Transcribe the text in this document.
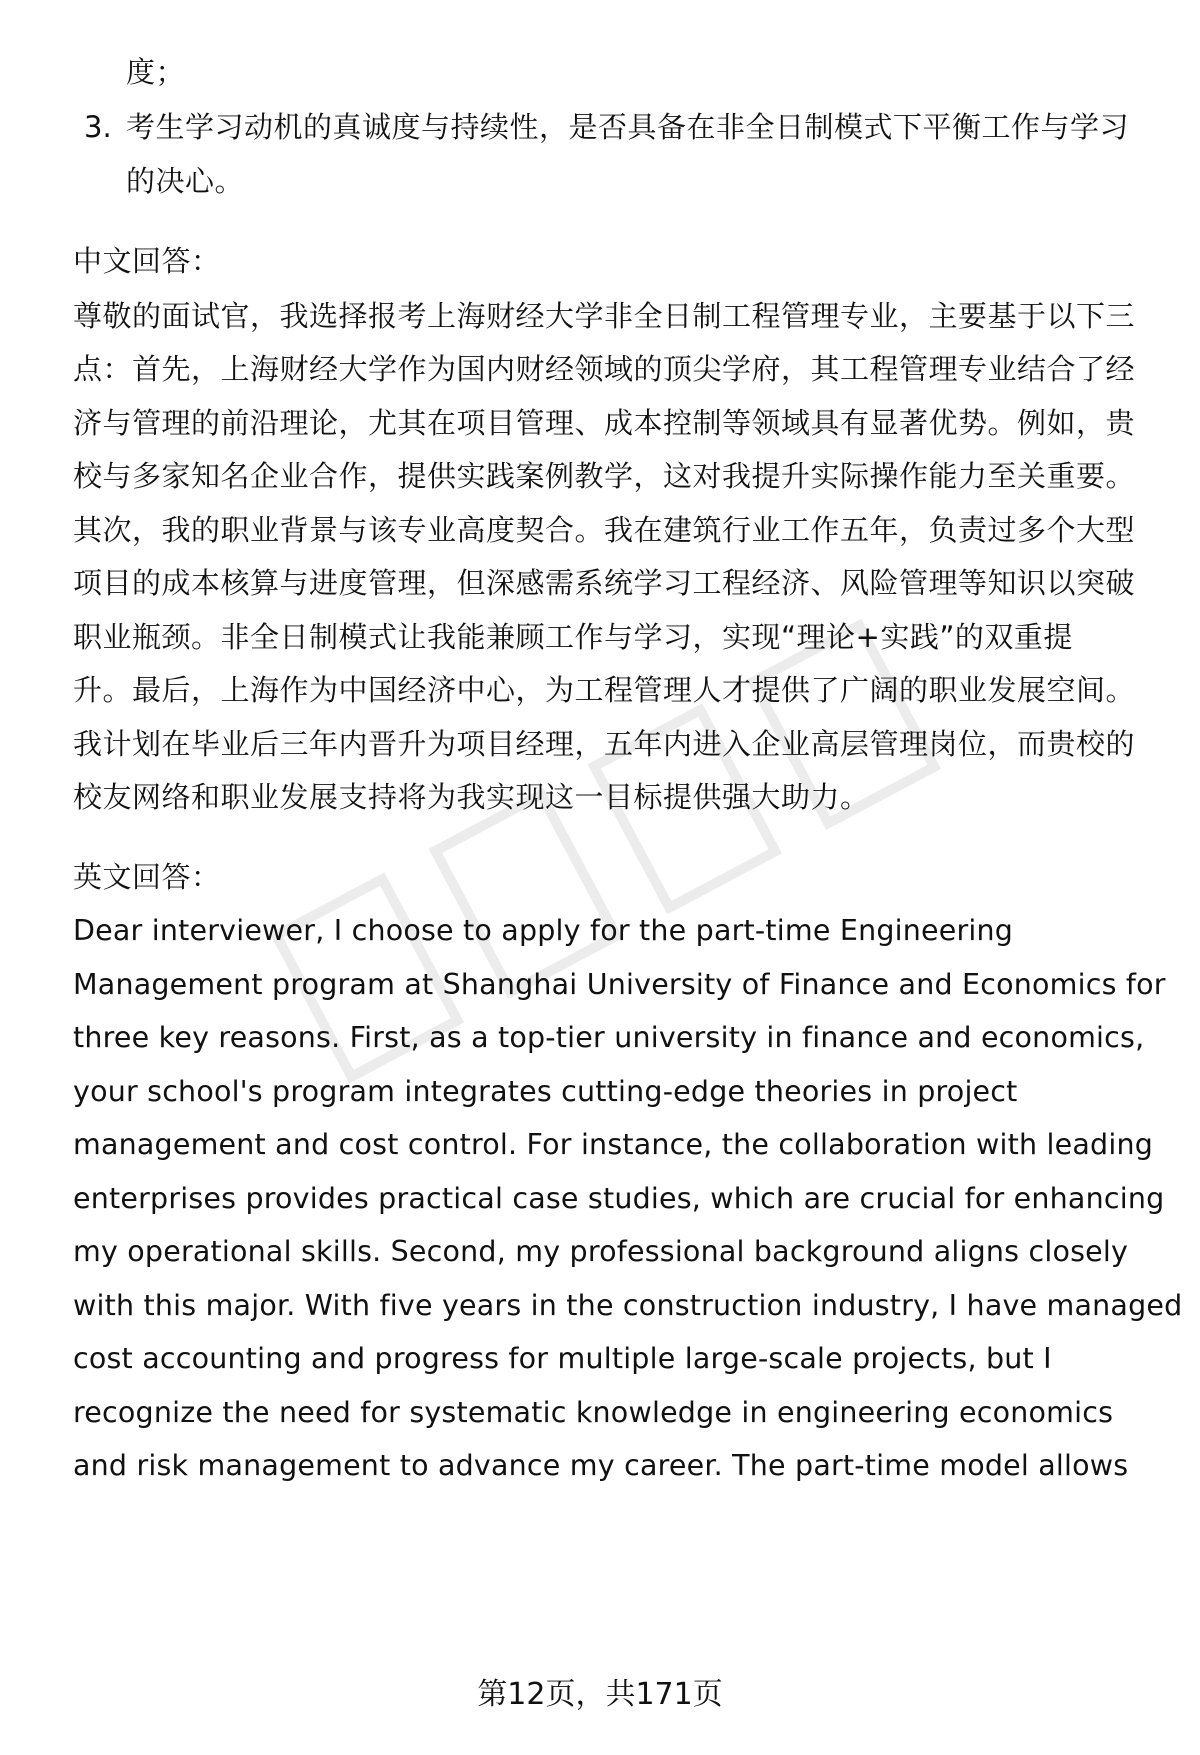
度；
3. 考生学习动机的真诚度与持续性，是否具备在非全日制模式下平衡工作与学习
的决心。
中文回答：
尊敬的面试官，我选择报考上海财经大学非全日制工程管理专业，主要基于以下三
点：首先，上海财经大学作为国内财经领域的顶尖学府，其工程管理专业结合了经
济与管理的前沿理论，尤其在项目管理、成本控制等领域具有显著优势。例如，贵
校与多家知名企业合作，提供实践案例教学，这对我提升实际操作能力至关重要。
其次，我的职业背景与该专业高度契合。我在建筑行业工作五年，负责过多个大型
项目的成本核算与进度管理，但深感需系统学习工程经济、风险管理等知识以突破
职业瓶颈。非全日制模式让我能兼顾工作与学习，实现“理论+实践”的双重提
升。最后，上海作为中国经济中心，为工程管理人才提供了广阔的职业发展空间。
我计划在毕业后三年内晋升为项目经理，五年内进入企业高层管理岗位，而贵校的
校友网络和职业发展支持将为我实现这一目标提供强大助力。
英文回答：
Dear interviewer, I choose to apply for the part-time Engineering
Management program at Shanghai University of Finance and Economics for
three key reasons. First, as a top-tier university in finance and economics,
your school's program integrates cutting-edge theories in project
management and cost control. For instance, the collaboration with leading
enterprises provides practical case studies, which are crucial for enhancing
my operational skills. Second, my professional background aligns closely
with this major. With five years in the construction industry, I have managed
cost accounting and progress for multiple large-scale projects, but I
recognize the need for systematic knowledge in engineering economics
and risk management to advance my career. The part-time model allows
第12页，共171页
